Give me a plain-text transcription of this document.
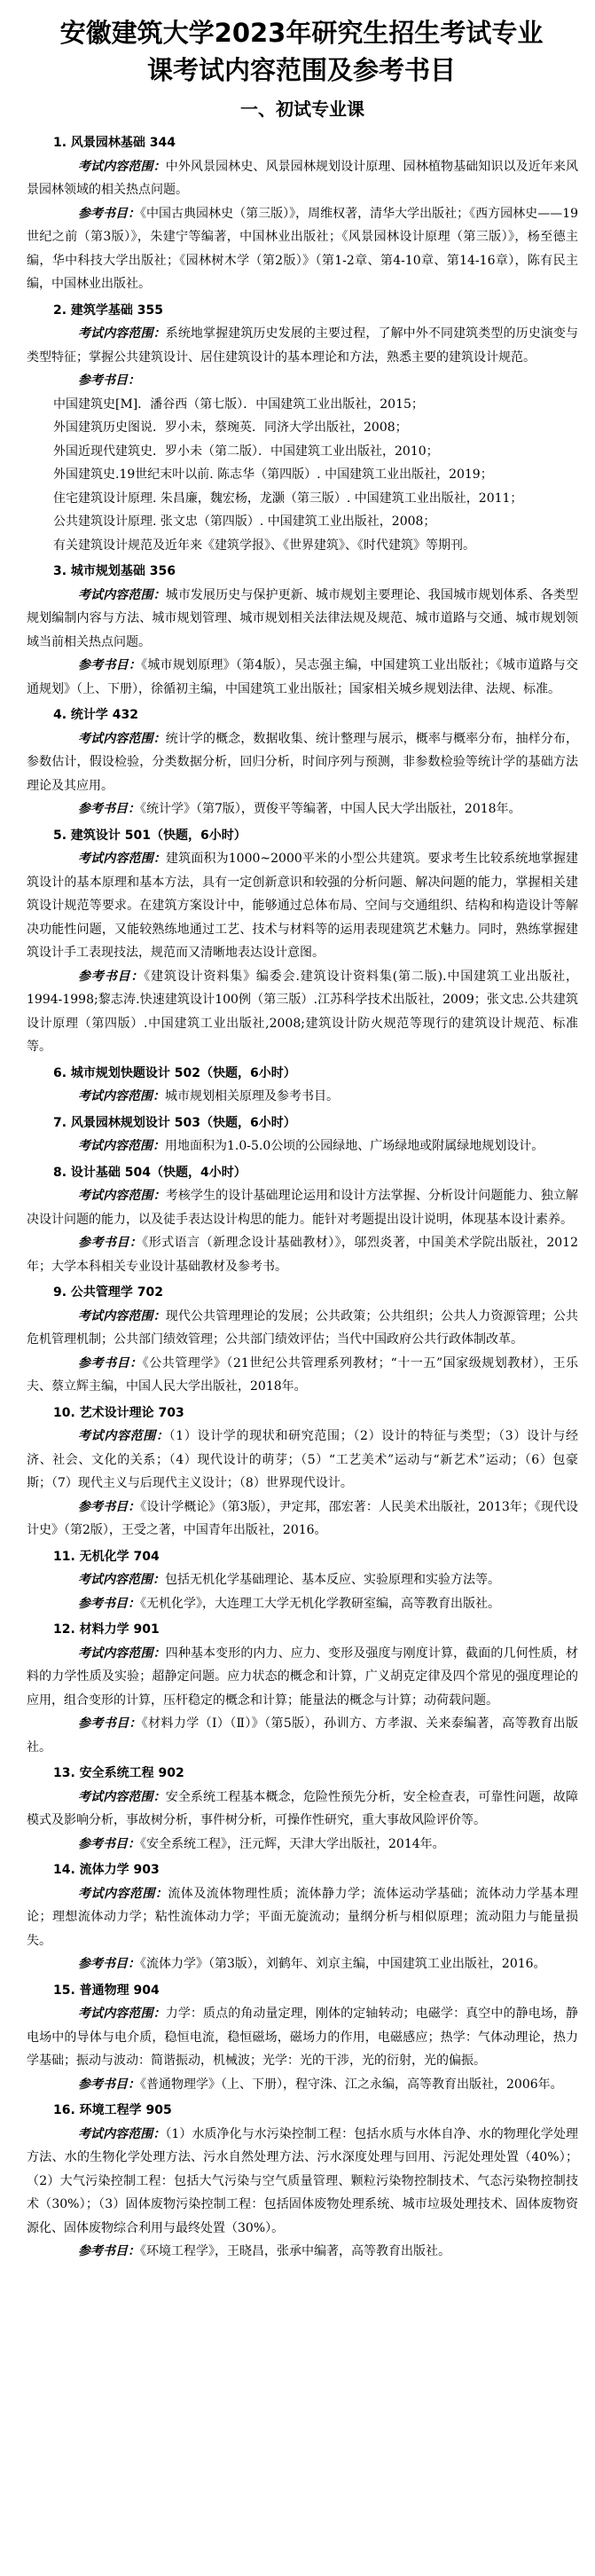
安徽建筑大学2023年研究生招生考试专业
课考试内容范围及参考书目
一、初试专业课
1. 风景园林基础 344

考试内容范围：中外风景园林史、风景园林规划设计原理、园林植物基础知识以及近年来风景园林领域的相关热点问题。

参考书目：《中国古典园林史（第三版）》，周维权著，清华大学出版社；《西方园林史——19世纪之前（第3版）》，朱建宁等编著，中国林业出版社；《风景园林设计原理（第三版）》，杨至德主编，华中科技大学出版社；《园林树木学（第2版）》（第1-2章、第4-10章、第14-16章），陈有民主编，中国林业出版社。

2. 建筑学基础 355

考试内容范围：系统地掌握建筑历史发展的主要过程，了解中外不同建筑类型的历史演变与类型特征；掌握公共建筑设计、居住建筑设计的基本理论和方法，熟悉主要的建筑设计规范。

参考书目：

中国建筑史[M]．潘谷西（第七版）．中国建筑工业出版社，2015；

外国建筑历史图说．罗小未，蔡琬英．同济大学出版社，2008；

外国近现代建筑史．罗小未（第二版）．中国建筑工业出版社，2010；

外国建筑史.19世纪末叶以前. 陈志华（第四版）. 中国建筑工业出版社，2019；

住宅建筑设计原理. 朱昌廉，魏宏杨，龙灏（第三版）. 中国建筑工业出版社，2011；

公共建筑设计原理. 张文忠（第四版）. 中国建筑工业出版社，2008；

有关建筑设计规范及近年来《建筑学报》、《世界建筑》、《时代建筑》等期刊。

3. 城市规划基础 356

考试内容范围：城市发展历史与保护更新、城市规划主要理论、我国城市规划体系、各类型规划编制内容与方法、城市规划管理、城市规划相关法律法规及规范、城市道路与交通、城市规划领域当前相关热点问题。

参考书目：《城市规划原理》（第4版），吴志强主编，中国建筑工业出版社；《城市道路与交通规划》（上、下册），徐循初主编，中国建筑工业出版社；国家相关城乡规划法律、法规、标准。

4. 统计学 432

考试内容范围：统计学的概念，数据收集、统计整理与展示，概率与概率分布，抽样分布，参数估计，假设检验，分类数据分析，回归分析，时间序列与预测，非参数检验等统计学的基础方法理论及其应用。

参考书目：《统计学》（第7版），贾俊平等编著，中国人民大学出版社，2018年。

5. 建筑设计 501（快题，6小时）

考试内容范围：建筑面积为1000~2000平米的小型公共建筑。要求考生比较系统地掌握建筑设计的基本原理和基本方法，具有一定创新意识和较强的分析问题、解决问题的能力，掌握相关建筑设计规范等要求。在建筑方案设计中，能够通过总体布局、空间与交通组织、结构和构造设计等解决功能性问题，又能较熟练地通过工艺、技术与材料等的运用表现建筑艺术魅力。同时，熟练掌握建筑设计手工表现技法，规范而又清晰地表达设计意图。

参考书目：《建筑设计资料集》编委会.建筑设计资料集(第二版).中国建筑工业出版社，1994-1998;黎志涛.快速建筑设计100例（第三版）.江苏科学技术出版社，2009；张文忠.公共建筑设计原理（第四版）.中国建筑工业出版社,2008;建筑设计防火规范等现行的建筑设计规范、标准等。

6. 城市规划快题设计 502（快题，6小时）

考试内容范围：城市规划相关原理及参考书目。

7. 风景园林规划设计 503（快题，6小时）

考试内容范围：用地面积为1.0-5.0公顷的公园绿地、广场绿地或附属绿地规划设计。

8. 设计基础 504（快题，4小时）

考试内容范围：考核学生的设计基础理论运用和设计方法掌握、分析设计问题能力、独立解决设计问题的能力，以及徒手表达设计构思的能力。能针对考题提出设计说明，体现基本设计素养。

参考书目：《形式语言（新理念设计基础教材）》，邬烈炎著，中国美术学院出版社，2012年；大学本科相关专业设计基础教材及参考书。

9. 公共管理学 702

考试内容范围：现代公共管理理论的发展；公共政策；公共组织；公共人力资源管理；公共危机管理机制；公共部门绩效管理；公共部门绩效评估；当代中国政府公共行政体制改革。

参考书目：《公共管理学》（21世纪公共管理系列教材；“十一五”国家级规划教材），王乐夫、蔡立辉主编，中国人民大学出版社，2018年。

10. 艺术设计理论 703

考试内容范围：（1）设计学的现状和研究范围；（2）设计的特征与类型；（3）设计与经济、社会、文化的关系；（4）现代设计的萌芽；（5）“工艺美术”运动与“新艺术”运动；（6）包豪斯；（7）现代主义与后现代主义设计；（8）世界现代设计。

参考书目：《设计学概论》（第3版），尹定邦，邵宏著：人民美术出版社，2013年；《现代设计史》（第2版），王受之著，中国青年出版社，2016。

11. 无机化学 704

考试内容范围：包括无机化学基础理论、基本反应、实验原理和实验方法等。

参考书目：《无机化学》，大连理工大学无机化学教研室编，高等教育出版社。

12. 材料力学 901

考试内容范围：四种基本变形的内力、应力、变形及强度与刚度计算，截面的几何性质，材料的力学性质及实验；超静定问题。应力状态的概念和计算，广义胡克定律及四个常见的强度理论的应用，组合变形的计算，压杆稳定的概念和计算；能量法的概念与计算；动荷载问题。

参考书目：《材料力学（Ⅰ）（Ⅱ）》（第5版），孙训方、方孝淑、关来泰编著，高等教育出版社。

13. 安全系统工程 902

考试内容范围：安全系统工程基本概念，危险性预先分析，安全检查表，可靠性问题，故障模式及影响分析，事故树分析，事件树分析，可操作性研究，重大事故风险评价等。

参考书目：《安全系统工程》，汪元辉，天津大学出版社，2014年。

14. 流体力学 903

考试内容范围：流体及流体物理性质；流体静力学；流体运动学基础；流体动力学基本理论；理想流体动力学；粘性流体动力学；平面无旋流动；量纲分析与相似原理；流动阻力与能量损失。

参考书目：《流体力学》（第3版），刘鹤年、刘京主编，中国建筑工业出版社，2016。

15. 普通物理 904

考试内容范围：力学：质点的角动量定理，刚体的定轴转动；电磁学：真空中的静电场，静电场中的导体与电介质，稳恒电流，稳恒磁场，磁场力的作用，电磁感应；热学：气体动理论，热力学基础；振动与波动：简谐振动，机械波；光学：光的干涉，光的衍射，光的偏振。

参考书目：《普通物理学》（上、下册），程守洙、江之永编，高等教育出版社，2006年。

16. 环境工程学 905

考试内容范围：（1）水质净化与水污染控制工程：包括水质与水体自净、水的物理化学处理方法、水的生物化学处理方法、污水自然处理方法、污水深度处理与回用、污泥处理处置（40%）；（2）大气污染控制工程：包括大气污染与空气质量管理、颗粒污染物控制技术、气态污染物控制技术（30%）；（3）固体废物污染控制工程：包括固体废物处理系统、城市垃圾处理技术、固体废物资源化、固体废物综合利用与最终处置（30%）。

参考书目：《环境工程学》，王晓昌，张承中编著，高等教育出版社。
